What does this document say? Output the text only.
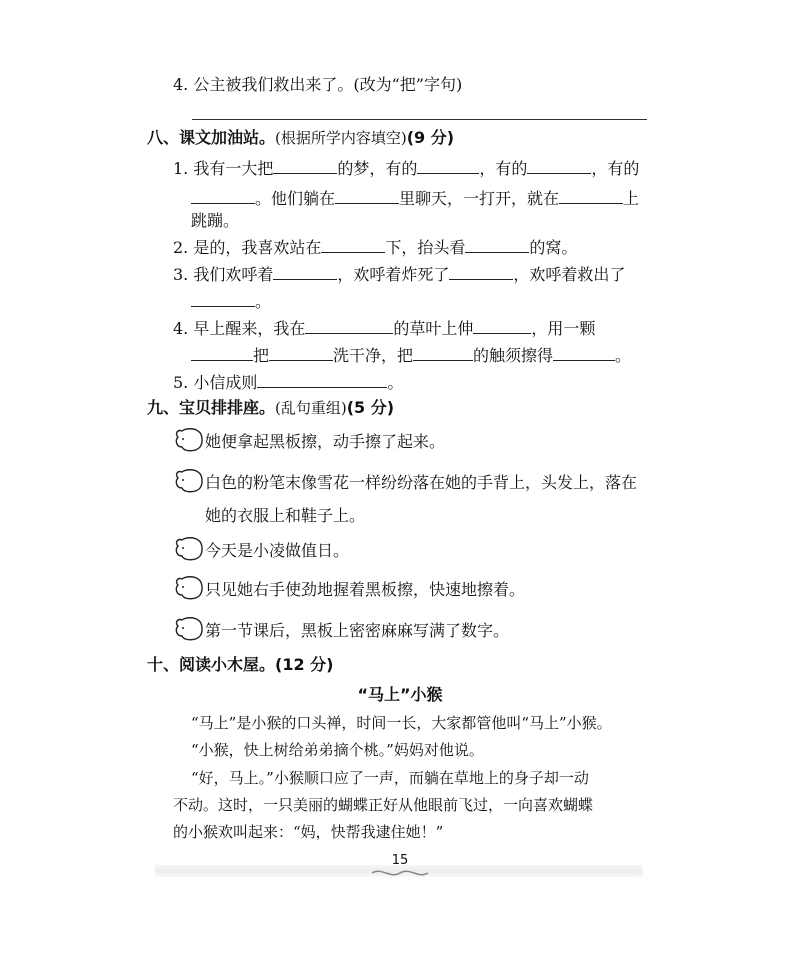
4. 公主被我们救出来了。(改为“把”字句)
八、课文加油站。(根据所学内容填空)(9 分)
1. 我有一大把	的梦，有的	，有的	，有的
。他们躺在	里聊天，一打开，就在	上
跳蹦。
2. 是的，我喜欢站在	下，抬头看	的窝。
3. 我们欢呼着	，欢呼着炸死了	，欢呼着救出了
。
4. 早上醒来，我在	的草叶上伸	，用一颗
把	洗干净，把	的触须擦得	。
5. 小信成则	。
九、宝贝排排座。(乱句重组)(5 分)
她便拿起黑板擦，动手擦了起来。
白色的粉笔末像雪花一样纷纷落在她的手背上，头发上，落在
她的衣服上和鞋子上。
今天是小凌做值日。
只见她右手使劲地握着黑板擦，快速地擦着。
第一节课后，黑板上密密麻麻写满了数字。
十、阅读小木屋。(12 分)
“马上”小猴
“马上”是小猴的口头禅，时间一长，大家都管他叫“马上”小猴。
“小猴，快上树给弟弟摘个桃。”妈妈对他说。
“好，马上。”小猴顺口应了一声，而躺在草地上的身子却一动
不动。这时，一只美丽的蝴蝶正好从他眼前飞过，一向喜欢蝴蝶
的小猴欢叫起来：“妈，快帮我逮住她！”
15
